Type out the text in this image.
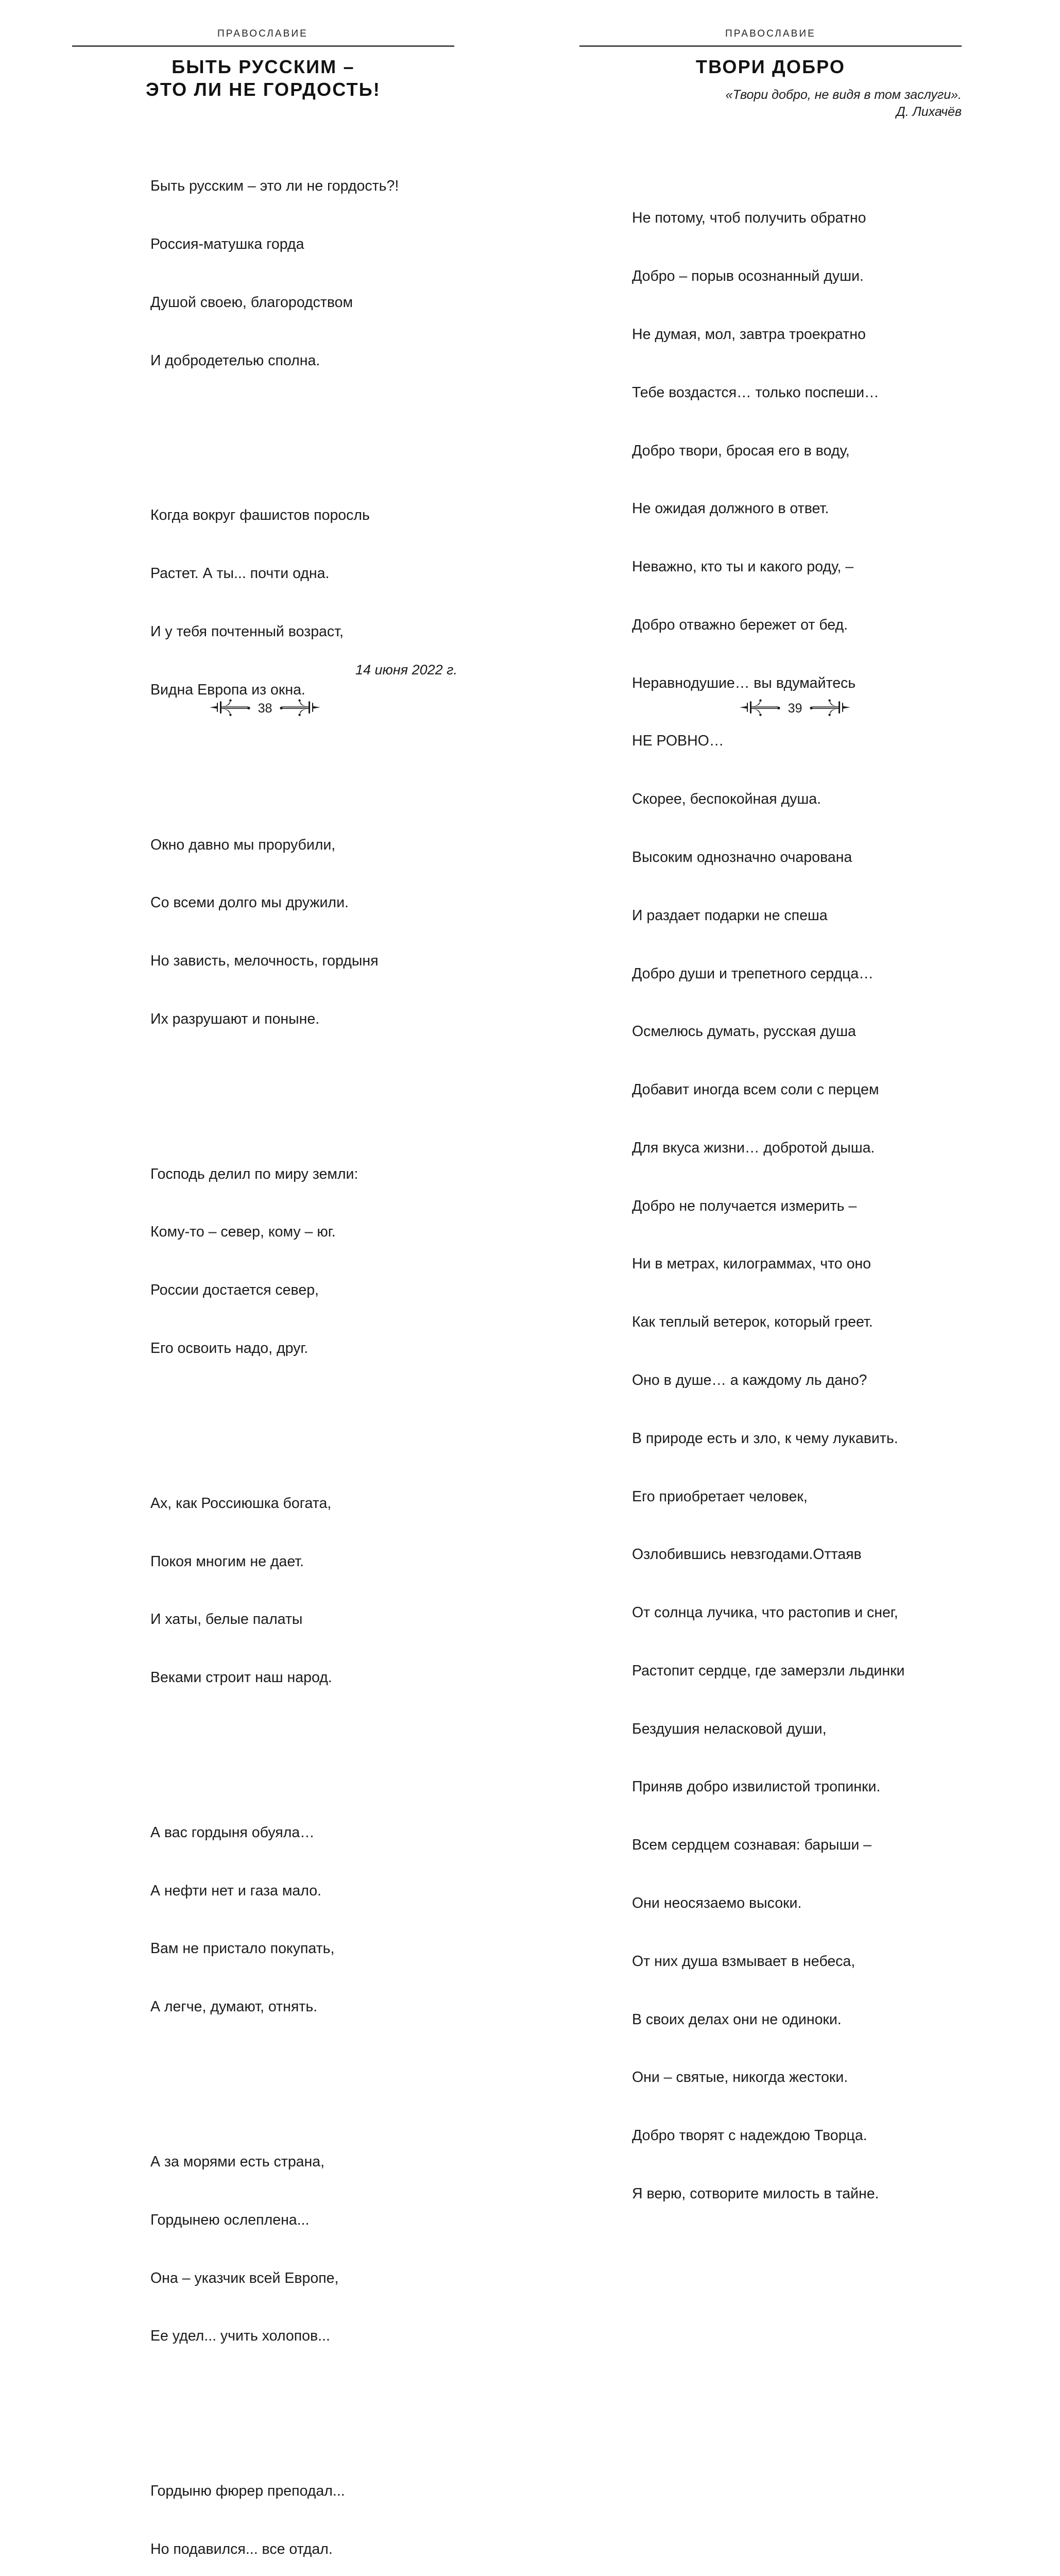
ПРАВОСЛАВИЕ
БЫТЬ РУССКИМ –
ЭТО ЛИ НЕ ГОРДОСТЬ!

Быть русским – это ли не гордость?!

Россия-матушка горда

Душой своею, благородством

И добродетелью сполна.

Когда вокруг фашистов поросль

Растет. А ты... почти одна.

И у тебя почтенный возраст,

Видна Европа из окна.

Окно давно мы прорубили,

Со всеми долго мы дружили.

Но зависть, мелочность, гордыня

Их разрушают и поныне.

Господь делил по миру земли:

Кому-то – север, кому – юг.

России достается север,

Его освоить надо, друг.

Ах, как Россиюшка богата,

Покоя многим не дает.

И хаты, белые палаты

Веками строит наш народ.

А вас гордыня обуяла…

А нефти нет и газа мало.

Вам не пристало покупать,

А легче, думают, отнять.

А за морями есть страна,

Гордынею ослеплена...

Она – указчик всей Европе,

Ее удел... учить холопов...

Гордыню фюрер преподал...

Но подавился... все отдал.

14 июня 2022 г.
38
ПРАВОСЛАВИЕ
ТВОРИ ДОБРО
«Твори добро, не видя в том заслуги».
Д. Лихачёв

Не потому, чтоб получить обратно

Добро – порыв осознанный души.

Не думая, мол, завтра троекратно

Тебе воздастся… только поспеши…

Добро твори, бросая его в воду,

Не ожидая должного в ответ.

Неважно, кто ты и какого роду, –

Добро отважно бережет от бед.

Неравнодушие… вы вдумайтесь

НЕ РОВНО…

Скорее, беспокойная душа.

Высоким однозначно очарована

И раздает подарки не спеша

Добро души и трепетного сердца…

Осмелюсь думать, русская душа

Добавит иногда всем соли с перцем

Для вкуса жизни… добротой дыша.

Добро не получается измерить –

Ни в метрах, килограммах, что оно

Как теплый ветерок, который греет.

Оно в душе… а каждому ль дано?

В природе есть и зло, к чему лукавить.

Его приобретает человек,

Озлобившись невзгодами.Оттаяв

От солнца лучика, что растопив и снег,

Растопит сердце, где замерзли льдинки

Бездушия неласковой души,

Приняв добро извилистой тропинки.

Всем сердцем сознавая: барыши –

Они неосязаемо высоки.

От них душа взмывает в небеса,

В своих делах они не одиноки.

Они – святые, никогда жестоки.

Добро творят с надеждою Творца.

Я верю, сотворите милость в тайне.

39
